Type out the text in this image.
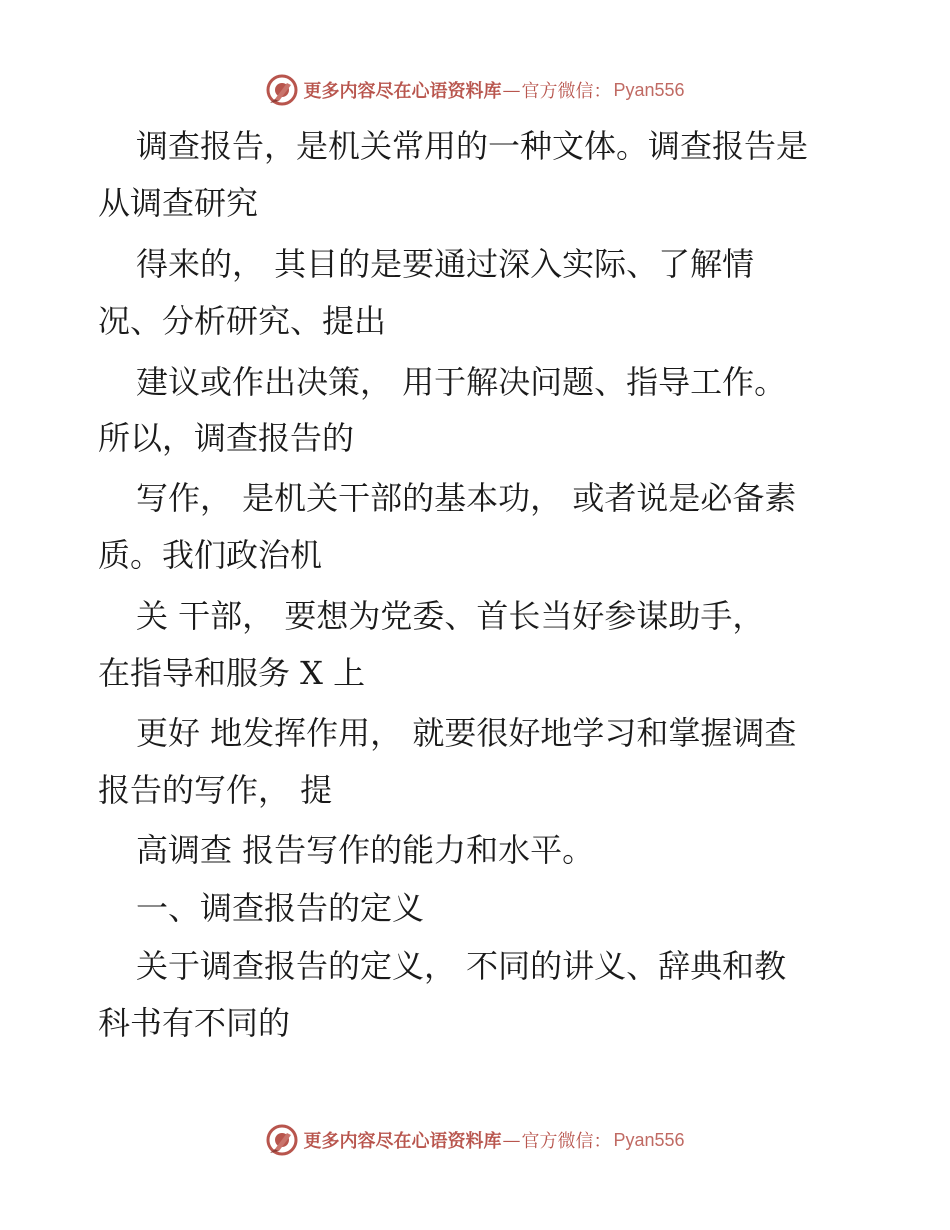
更多内容尽在心语资料库 — 官方微信： Pyan556
调查报告，是机关常用的一种文体。调查报告是
从调查研究
得来的， 其目的是要通过深入实际、了解情
况、分析研究、提出
建议或作出决策， 用于解决问题、指导工作。
所以，调查报告的
写作， 是机关干部的基本功， 或者说是必备素
质。我们政治机
关 干部， 要想为党委、首长当好参谋助手，
在指导和服务 X 上
更好 地发挥作用， 就要很好地学习和掌握调查
报告的写作， 提
高调查 报告写作的能力和水平。
一、调查报告的定义
关于调查报告的定义， 不同的讲义、辞典和教
科书有不同的
更多内容尽在心语资料库 — 官方微信： Pyan556
